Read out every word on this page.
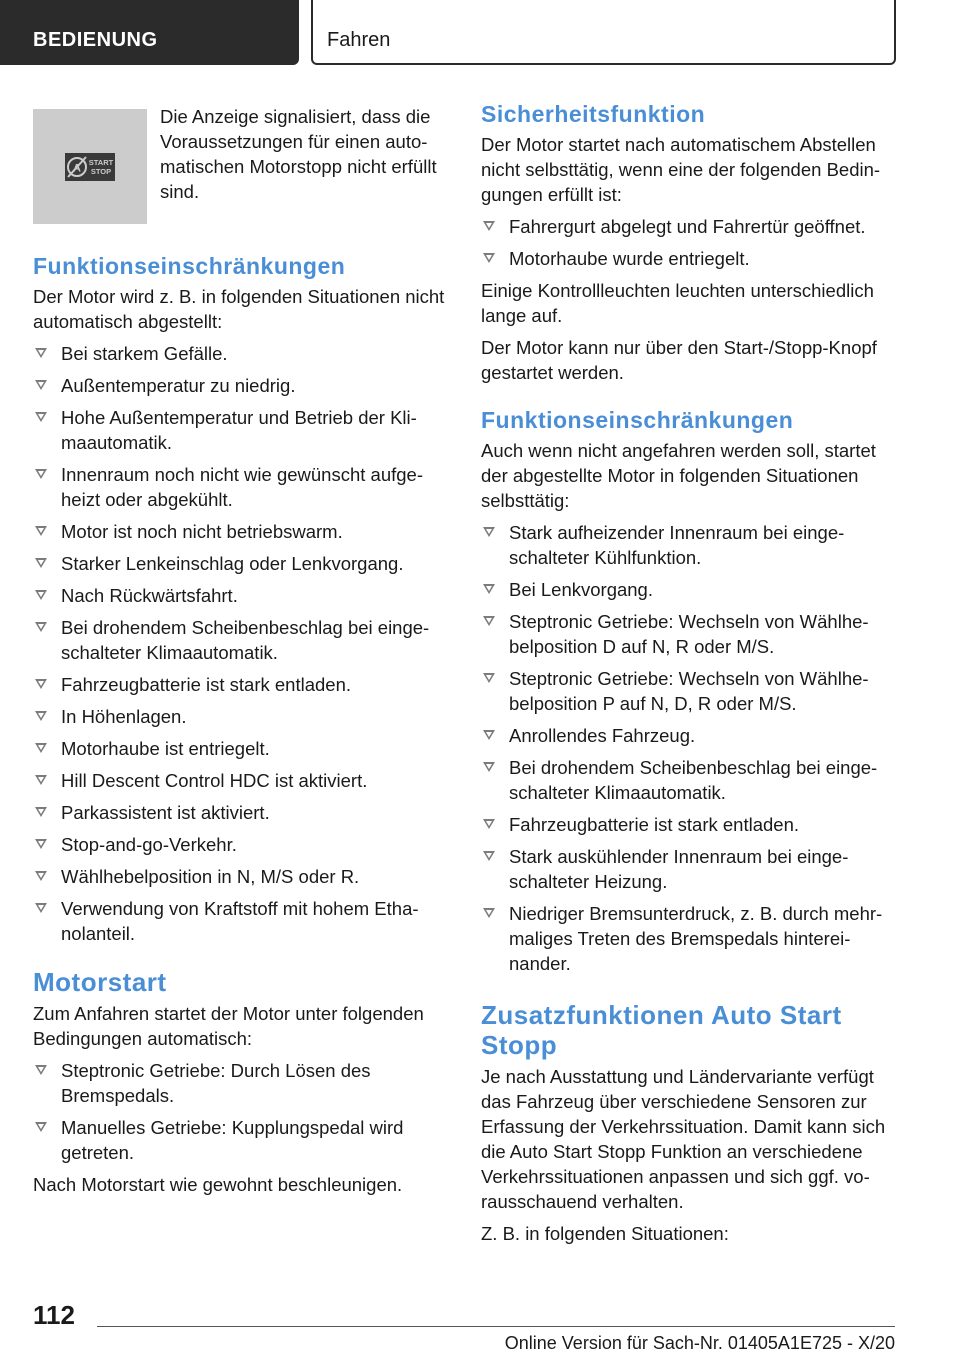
BEDIENUNG	Fahren
A START
STOP
Die Anzeige signalisiert, dass die Voraussetzungen für einen automatischen Motorstopp nicht erfüllt sind.
Funktionseinschränkungen

Der Motor wird z. B. in folgenden Situationen nicht automatisch abgestellt:

Bei starkem Gefälle.
Außentemperatur zu niedrig.
Hohe Außentemperatur und Betrieb der Klimaautomatik.
Innenraum noch nicht wie gewünscht aufgeheizt oder abgekühlt.
Motor ist noch nicht betriebswarm.
Starker Lenkeinschlag oder Lenkvorgang.
Nach Rückwärtsfahrt.
Bei drohendem Scheibenbeschlag bei eingeschalteter Klimaautomatik.
Fahrzeugbatterie ist stark entladen.
In Höhenlagen.
Motorhaube ist entriegelt.
Hill Descent Control HDC ist aktiviert.
Parkassistent ist aktiviert.
Stop-and-go-Verkehr.
Wählhebelposition in N, M/S oder R.
Verwendung von Kraftstoff mit hohem Ethanolanteil.
Motorstart

Zum Anfahren startet der Motor unter folgenden Bedingungen automatisch:

Steptronic Getriebe: Durch Lösen des Bremspedals.
Manuelles Getriebe: Kupplungspedal wird getreten.

Nach Motorstart wie gewohnt beschleunigen.

Sicherheitsfunktion

Der Motor startet nach automatischem Abstellen nicht selbsttätig, wenn eine der folgenden Bedingungen erfüllt ist:

Fahrergurt abgelegt und Fahrertür geöffnet.
Motorhaube wurde entriegelt.

Einige Kontrollleuchten leuchten unterschiedlich lange auf.

Der Motor kann nur über den Start-/Stopp-Knopf gestartet werden.

Funktionseinschränkungen

Auch wenn nicht angefahren werden soll, startet der abgestellte Motor in folgenden Situationen selbsttätig:

Stark aufheizender Innenraum bei eingeschalteter Kühlfunktion.
Bei Lenkvorgang.
Steptronic Getriebe: Wechseln von Wählhebelposition D auf N, R oder M/S.
Steptronic Getriebe: Wechseln von Wählhebelposition P auf N, D, R oder M/S.
Anrollendes Fahrzeug.
Bei drohendem Scheibenbeschlag bei eingeschalteter Klimaautomatik.
Fahrzeugbatterie ist stark entladen.
Stark auskühlender Innenraum bei eingeschalteter Heizung.
Niedriger Bremsunterdruck, z. B. durch mehrmaliges Treten des Bremspedals hintereinander.
Zusatzfunktionen Auto Start Stopp

Je nach Ausstattung und Ländervariante verfügt das Fahrzeug über verschiedene Sensoren zur Erfassung der Verkehrssituation. Damit kann sich die Auto Start Stopp Funktion an verschiedene Verkehrssituationen anpassen und sich ggf. vorausschauend verhalten.

Z. B. in folgenden Situationen:

112
Online Version für Sach-Nr. 01405A1E725 - X/20
